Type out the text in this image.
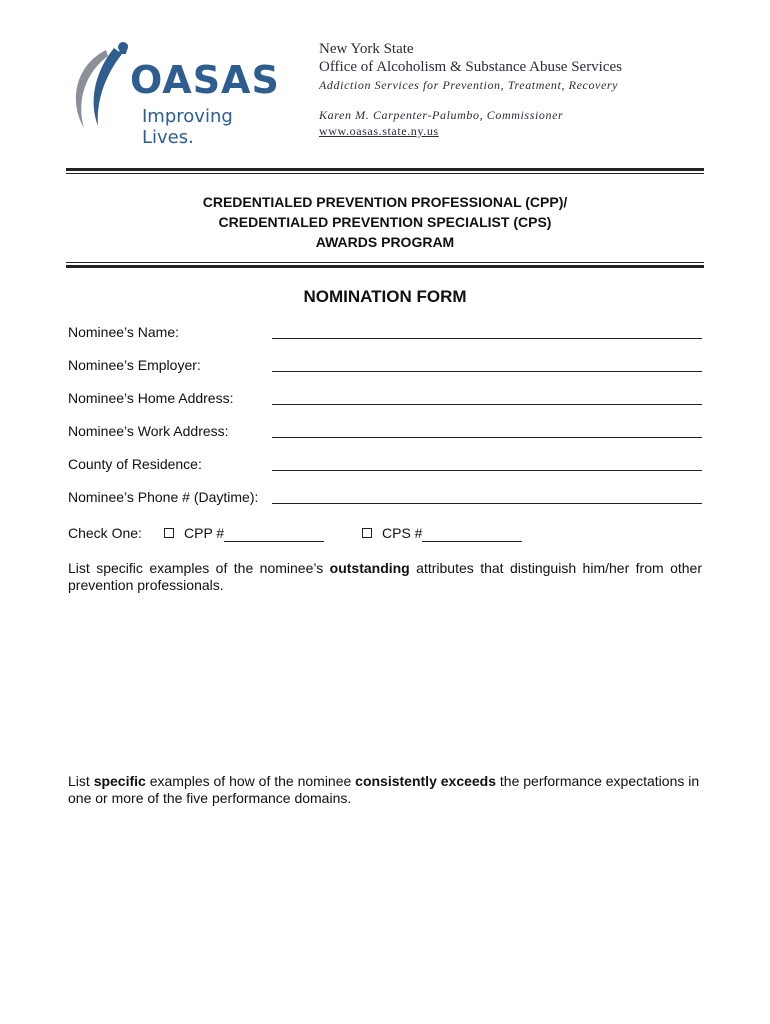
OASAS
Improving Lives.
New York State
Office of Alcoholism & Substance Abuse Services
Addiction Services for Prevention, Treatment, Recovery
Karen M. Carpenter-Palumbo, Commissioner
www.oasas.state.ny.us
CREDENTIALED PREVENTION PROFESSIONAL (CPP)/
CREDENTIALED PREVENTION SPECIALIST (CPS)
AWARDS PROGRAM
NOMINATION FORM
Nominee’s Name:
Nominee’s Employer:
Nominee’s Home Address:
Nominee’s Work Address:
County of Residence:
Nominee’s Phone # (Daytime):
Check One:	CPP #	CPS #
List specific examples of the nominee’s outstanding attributes that distinguish him/her from other prevention professionals.
List specific examples of how of the nominee consistently exceeds the performance expectations in one or more of the five performance domains.
